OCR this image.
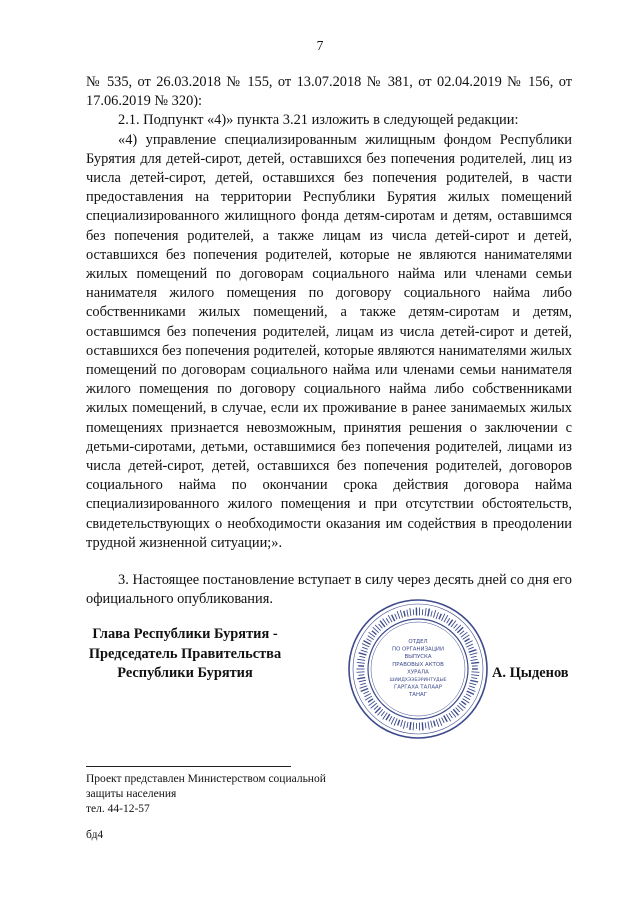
7

№ 535, от 26.03.2018 № 155, от 13.07.2018 № 381, от 02.04.2019 № 156, от 17.06.2019 № 320):

2.1. Подпункт «4)» пункта 3.21 изложить в следующей редакции:

«4) управление специализированным жилищным фондом Республики Бурятия для детей-сирот, детей, оставшихся без попечения родителей, лиц из числа детей-сирот, детей, оставшихся без попечения родителей, в части предоставления на территории Республики Бурятия жилых помещений специализированного жилищного фонда детям-сиротам и детям, оставшимся без попечения родителей, а также лицам из числа детей-сирот и детей, оставшихся без попечения родителей, которые не являются нанимателями жилых помещений по договорам социального найма или членами семьи нанимателя жилого помещения по договору социального найма либо собственниками жилых помещений, а также детям-сиротам и детям, оставшимся без попечения родителей, лицам из числа детей-сирот и детей, оставшихся без попечения родителей, которые являются нанимателями жилых помещений по договорам социального найма или членами семьи нанимателя жилого помещения по договору социального найма либо собственниками жилых помещений, в случае, если их проживание в ранее занимаемых жилых помещениях признается невозможным, принятия решения о заключении с детьми-сиротами, детьми, оставшимися без попечения родителей, лицами из числа детей-сирот, детей, оставшихся без попечения родителей, договоров социального найма по окончании срока действия договора найма специализированного жилого помещения и при отсутствии обстоятельств, свидетельствующих о необходимости оказания им содействия в преодолении трудной жизненной ситуации;».

3. Настоящее постановление вступает в силу через десять дней со дня его официального опубликования.

Глава Республики Бурятия -
Председатель Правительства
Республики Бурятия
ОТДЕЛ
ПО ОРГАНИЗАЦИИ
ВЫПУСКА
ПРАВОВЫХ АКТОВ
ХУРАЛА
ШИИДХЭЭБЭРИНТУДЫЕ
ГАРГАХА ТАЛААР
ТАНАГ
А. Цыденов
Проект представлен Министерством социальной
защиты населения
тел. 44-12-57
бд4
